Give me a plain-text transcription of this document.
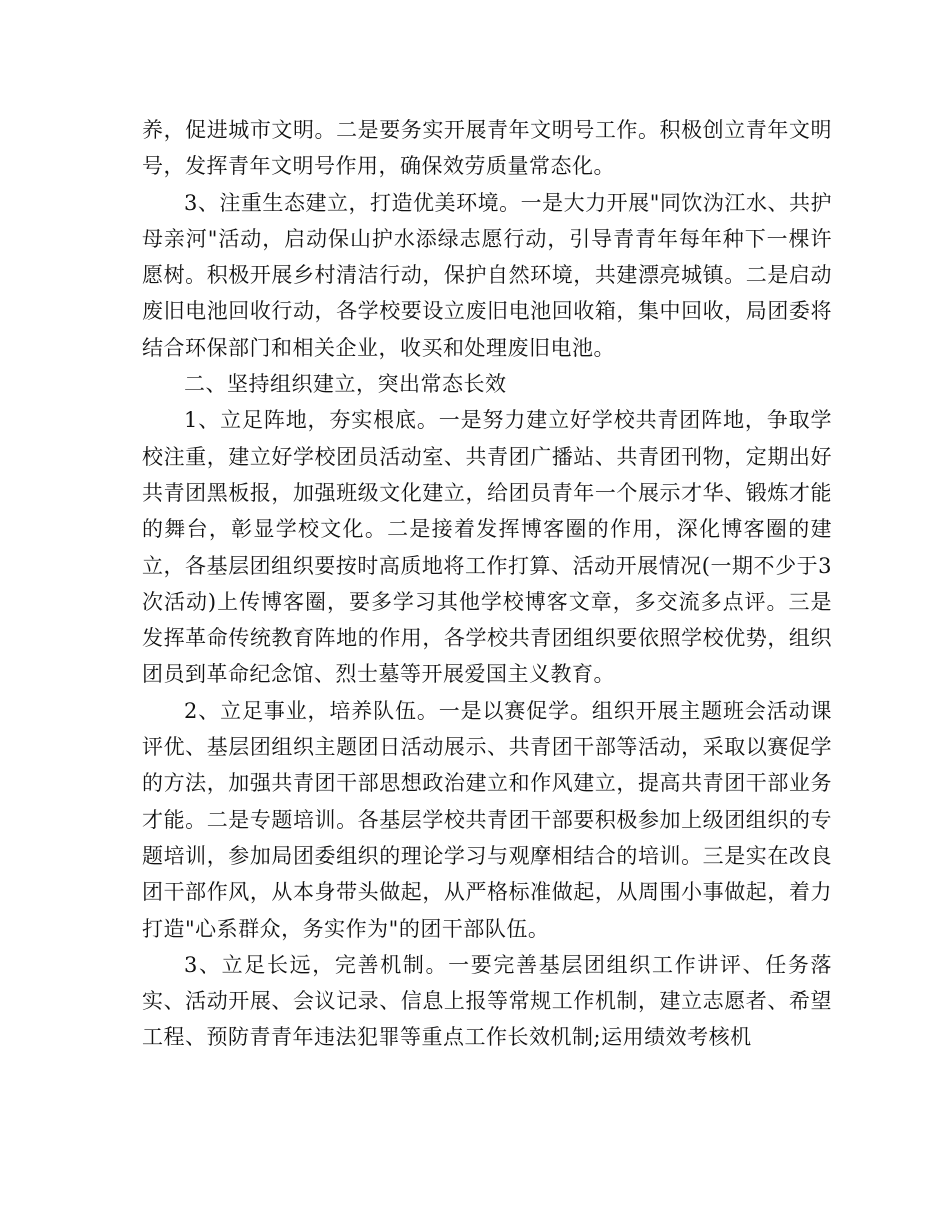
养，促进城市文明。二是要务实开展青年文明号工作。积极创立青年文明号，发挥青年文明号作用，确保效劳质量常态化。

3、注重生态建立，打造优美环境。一是大力开展"同饮沩江水、共护母亲河"活动，启动保山护水添绿志愿行动，引导青青年每年种下一棵许愿树。积极开展乡村清洁行动，保护自然环境，共建漂亮城镇。二是启动废旧电池回收行动，各学校要设立废旧电池回收箱，集中回收，局团委将结合环保部门和相关企业，收买和处理废旧电池。

二、坚持组织建立，突出常态长效

1、立足阵地，夯实根底。一是努力建立好学校共青团阵地，争取学校注重，建立好学校团员活动室、共青团广播站、共青团刊物，定期出好共青团黑板报，加强班级文化建立，给团员青年一个展示才华、锻炼才能的舞台，彰显学校文化。二是接着发挥博客圈的作用，深化博客圈的建立，各基层团组织要按时高质地将工作打算、活动开展情况(一期不少于3次活动)上传博客圈，要多学习其他学校博客文章，多交流多点评。三是发挥革命传统教育阵地的作用，各学校共青团组织要依照学校优势，组织团员到革命纪念馆、烈士墓等开展爱国主义教育。

2、立足事业，培养队伍。一是以赛促学。组织开展主题班会活动课评优、基层团组织主题团日活动展示、共青团干部等活动，采取以赛促学的方法，加强共青团干部思想政治建立和作风建立，提高共青团干部业务才能。二是专题培训。各基层学校共青团干部要积极参加上级团组织的专题培训，参加局团委组织的理论学习与观摩相结合的培训。三是实在改良团干部作风，从本身带头做起，从严格标准做起，从周围小事做起，着力打造"心系群众，务实作为"的团干部队伍。

3、立足长远，完善机制。一要完善基层团组织工作讲评、任务落实、活动开展、会议记录、信息上报等常规工作机制，建立志愿者、希望工程、预防青青年违法犯罪等重点工作长效机制;运用绩效考核机
